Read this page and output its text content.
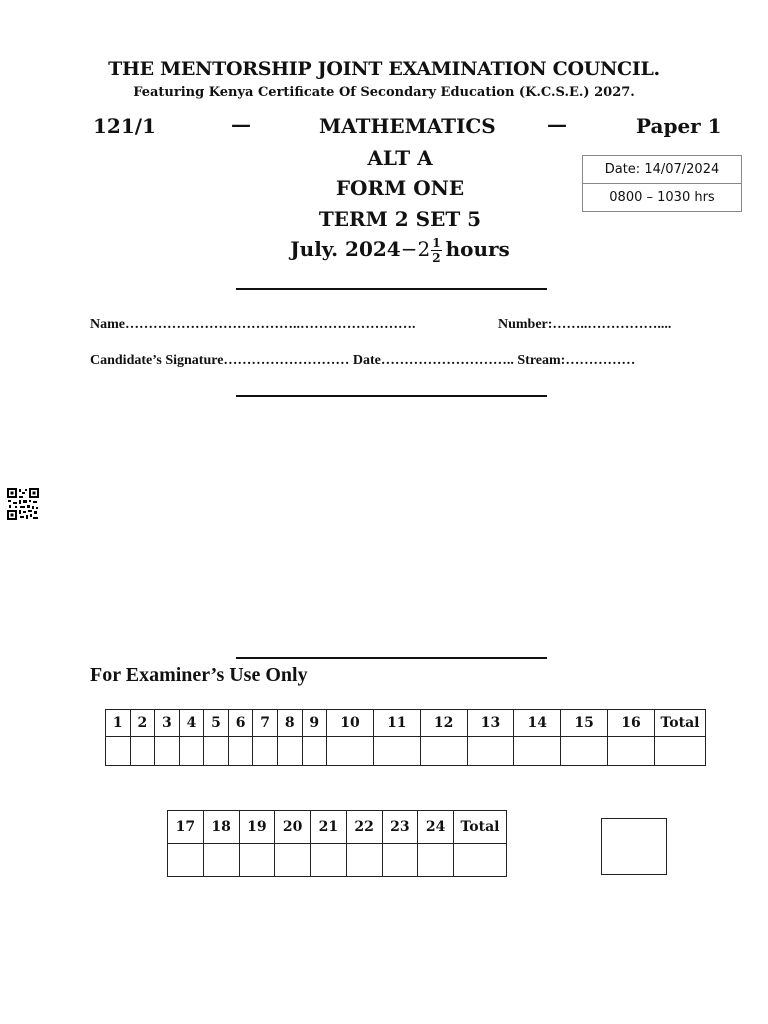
THE MENTORSHIP JOINT EXAMINATION COUNCIL.
Featuring Kenya Certificate Of Secondary Education (K.C.S.E.) 2027.
121/1	—	MATHEMATICS	—	Paper 1
ALT A
FORM ONE
TERM 2 SET 5
July. $2024-2 \frac{1}{2}$ hours
Date: 14/07/2024
0800 – 1030 hrs
Name………………………………..…………………….	Number:……..……………....
Candidate’s Signature……………………… Date……………………….. Stream:……………
For Examiner’s Use Only
1	2	3	4	5	6	7	8	9	10	11	12	13	14	15	16	Total

17	18	19	20	21	22	23	24	Total
